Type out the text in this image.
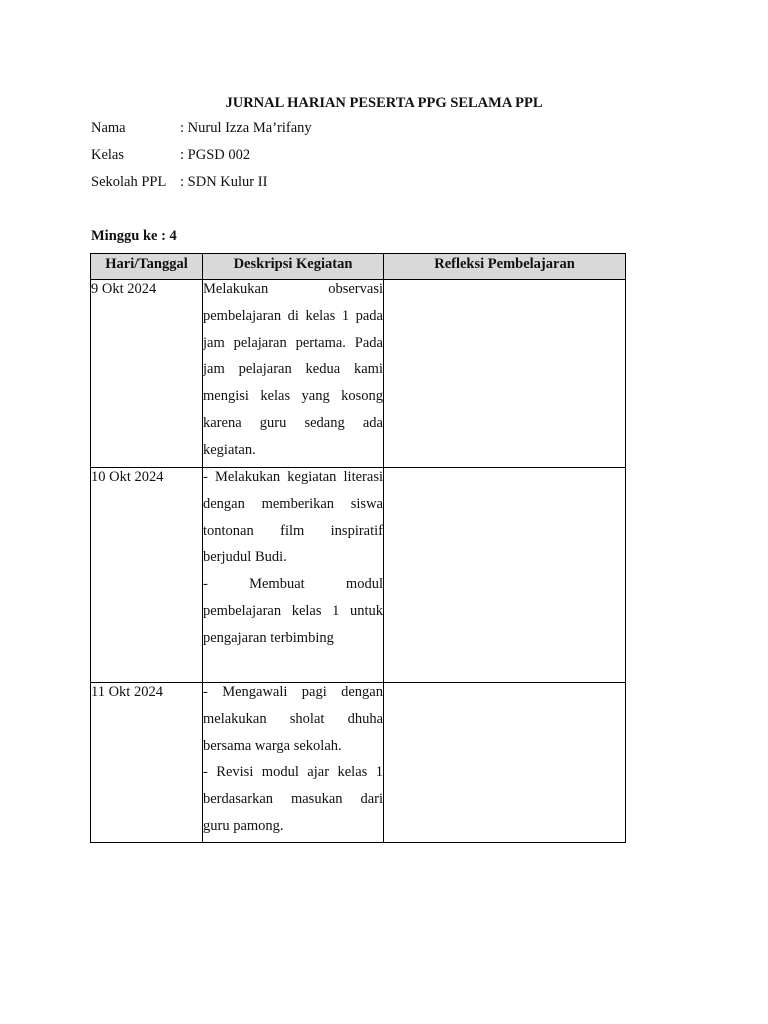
JURNAL HARIAN PESERTA PPG SELAMA PPL
Nama	: Nurul Izza Ma’rifany
Kelas	: PGSD 002
Sekolah PPL : SDN Kulur II
Minggu ke : 4
Hari/Tanggal	Deskripsi Kegiatan	Refleksi Pembelajaran
9 Okt 2024	Melakukan observasi pembelajaran di kelas 1 pada jam pelajaran pertama. Pada jam pelajaran kedua kami mengisi kelas yang kosong karena guru sedang ada kegiatan.	

10 Okt 2024	- Melakukan kegiatan literasi dengan memberikan siswa tontonan film inspiratif berjudul Budi.
- Membuat modul pembelajaran kelas 1 untuk pengajaran terbimbing	

11 Okt 2024	- Mengawali pagi dengan melakukan sholat dhuha bersama warga sekolah.
- Revisi modul ajar kelas 1 berdasarkan masukan dari guru pamong.	
